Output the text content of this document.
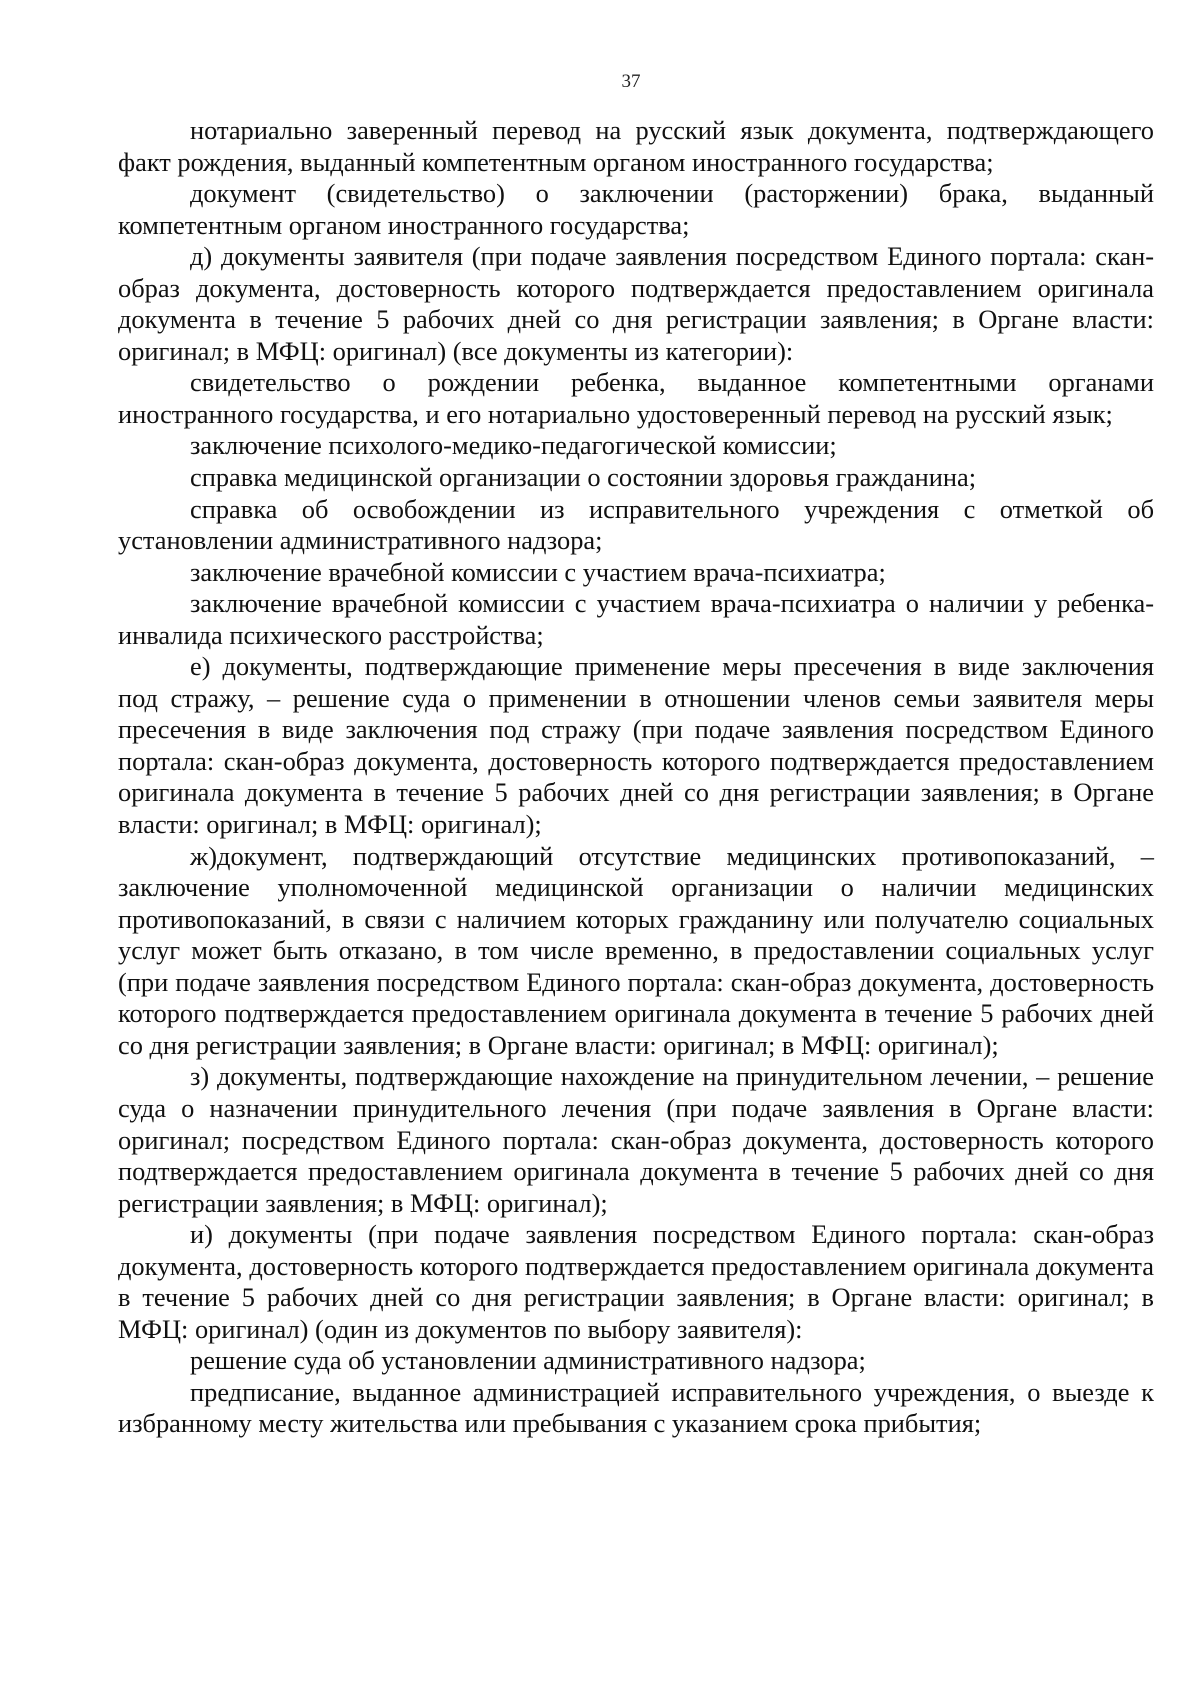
37

нотариально заверенный перевод на русский язык документа, подтверждающего факт рождения, выданный компетентным органом иностранного государства;

документ (свидетельство) о заключении (расторжении) брака, выданный компетентным органом иностранного государства;

д) документы заявителя (при подаче заявления посредством Единого портала: скан-образ документа, достоверность которого подтверждается предоставлением оригинала документа в течение 5 рабочих дней со дня регистрации заявления; в Органе власти: оригинал; в МФЦ: оригинал) (все документы из категории):

свидетельство о рождении ребенка, выданное компетентными органами иностранного государства, и его нотариально удостоверенный перевод на русский язык;

заключение психолого-медико-педагогической комиссии;

справка медицинской организации о состоянии здоровья гражданина;

справка об освобождении из исправительного учреждения с отметкой об установлении административного надзора;

заключение врачебной комиссии с участием врача-психиатра;

заключение врачебной комиссии с участием врача-психиатра о наличии у ребенка-инвалида психического расстройства;

е) документы, подтверждающие применение меры пресечения в виде заключения под стражу, – решение суда о применении в отношении членов семьи заявителя меры пресечения в виде заключения под стражу (при подаче заявления посредством Единого портала: скан-образ документа, достоверность которого подтверждается предоставлением оригинала документа в течение 5 рабочих дней со дня регистрации заявления; в Органе власти: оригинал; в МФЦ: оригинал);

ж)документ, подтверждающий отсутствие медицинских противопоказаний, – заключение уполномоченной медицинской организации о наличии медицинских противопоказаний, в связи с наличием которых гражданину или получателю социальных услуг может быть отказано, в том числе временно, в предоставлении социальных услуг (при подаче заявления посредством Единого портала: скан-образ документа, достоверность которого подтверждается предоставлением оригинала документа в течение 5 рабочих дней со дня регистрации заявления; в Органе власти: оригинал; в МФЦ: оригинал);

з) документы, подтверждающие нахождение на принудительном лечении, – решение суда о назначении принудительного лечения (при подаче заявления в Органе власти: оригинал; посредством Единого портала: скан-образ документа, достоверность которого подтверждается предоставлением оригинала документа в течение 5 рабочих дней со дня регистрации заявления; в МФЦ: оригинал);

и) документы (при подаче заявления посредством Единого портала: скан-образ документа, достоверность которого подтверждается предоставлением оригинала документа в течение 5 рабочих дней со дня регистрации заявления; в Органе власти: оригинал; в МФЦ: оригинал) (один из документов по выбору заявителя):

решение суда об установлении административного надзора;

предписание, выданное администрацией исправительного учреждения, о выезде к избранному месту жительства или пребывания с указанием срока прибытия;
